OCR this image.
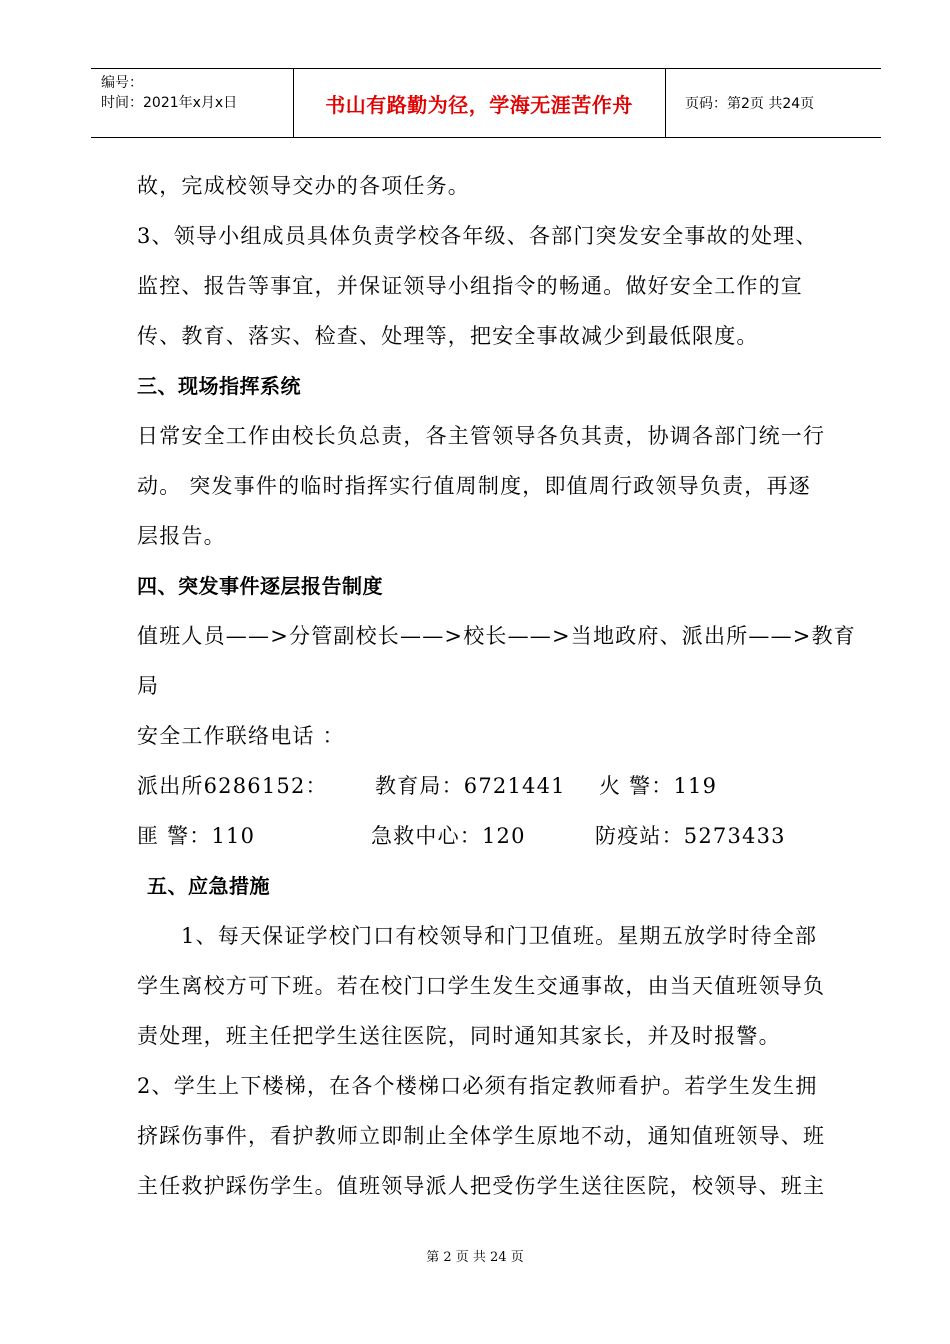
编号：
时间：2021年x月x日	书山有路勤为径，学海无涯苦作舟	页码：第2页 共24页
故，完成校领导交办的各项任务。
3、领导小组成员具体负责学校各年级、各部门突发安全事故的处理、
监控、报告等事宜，并保证领导小组指令的畅通。做好安全工作的宣
传、教育、落实、检查、处理等，把安全事故减少到最低限度。
三、现场指挥系统
日常安全工作由校长负总责，各主管领导各负其责，协调各部门统一行
动。 突发事件的临时指挥实行值周制度，即值周行政领导负责，再逐
层报告。
四、突发事件逐层报告制度
值班人员——>分管副校长——>校长——>当地政府、派出所——>教育
局
安全工作联络电话 ：
派出所6286152： 教育局：6721441 火 警：119
匪 警：110	急救中心：120	防疫站：5273433
五、应急措施
1、每天保证学校门口有校领导和门卫值班。星期五放学时待全部
学生离校方可下班。若在校门口学生发生交通事故，由当天值班领导负
责处理，班主任把学生送往医院，同时通知其家长，并及时报警。
2、学生上下楼梯，在各个楼梯口必须有指定教师看护。若学生发生拥
挤踩伤事件，看护教师立即制止全体学生原地不动，通知值班领导、班
主任救护踩伤学生。值班领导派人把受伤学生送往医院，校领导、班主
第 2 页 共 24 页
